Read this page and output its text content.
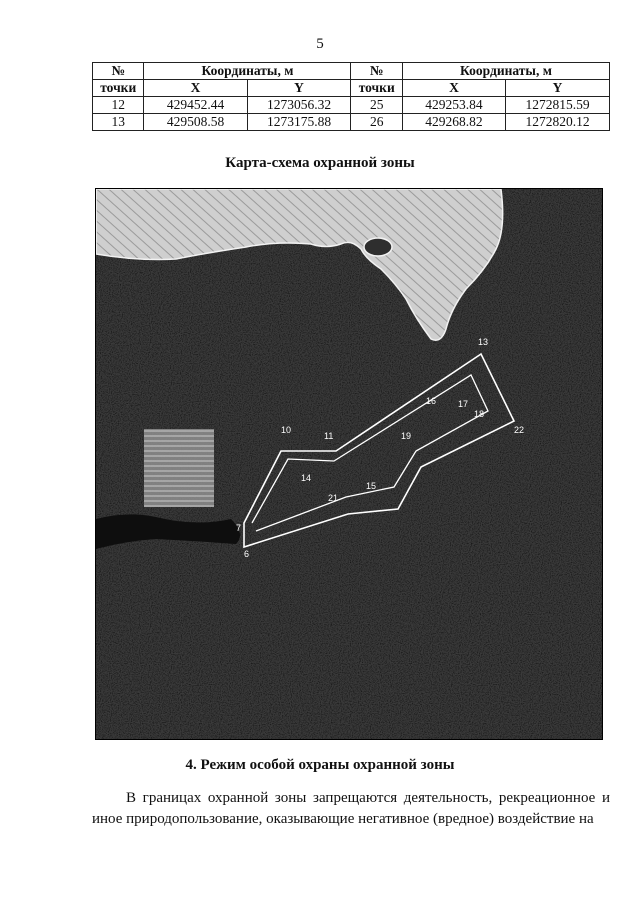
5
№	Координаты, м		№	Координаты, м	
точки	X	Y	точки	X	Y
12	429452.44	1273056.32	25	429253.84	1272815.59
13	429508.58	1273175.88	26	429268.82	1272820.12
Карта-схема охранной зоны
6
7
10
11
13
14
15
16 17
18
19
21
22
4. Режим особой охраны охранной зоны
В границах охранной зоны запрещаются деятельность, рекреационное и иное природопользование, оказывающие негативное (вредное) воздействие на
